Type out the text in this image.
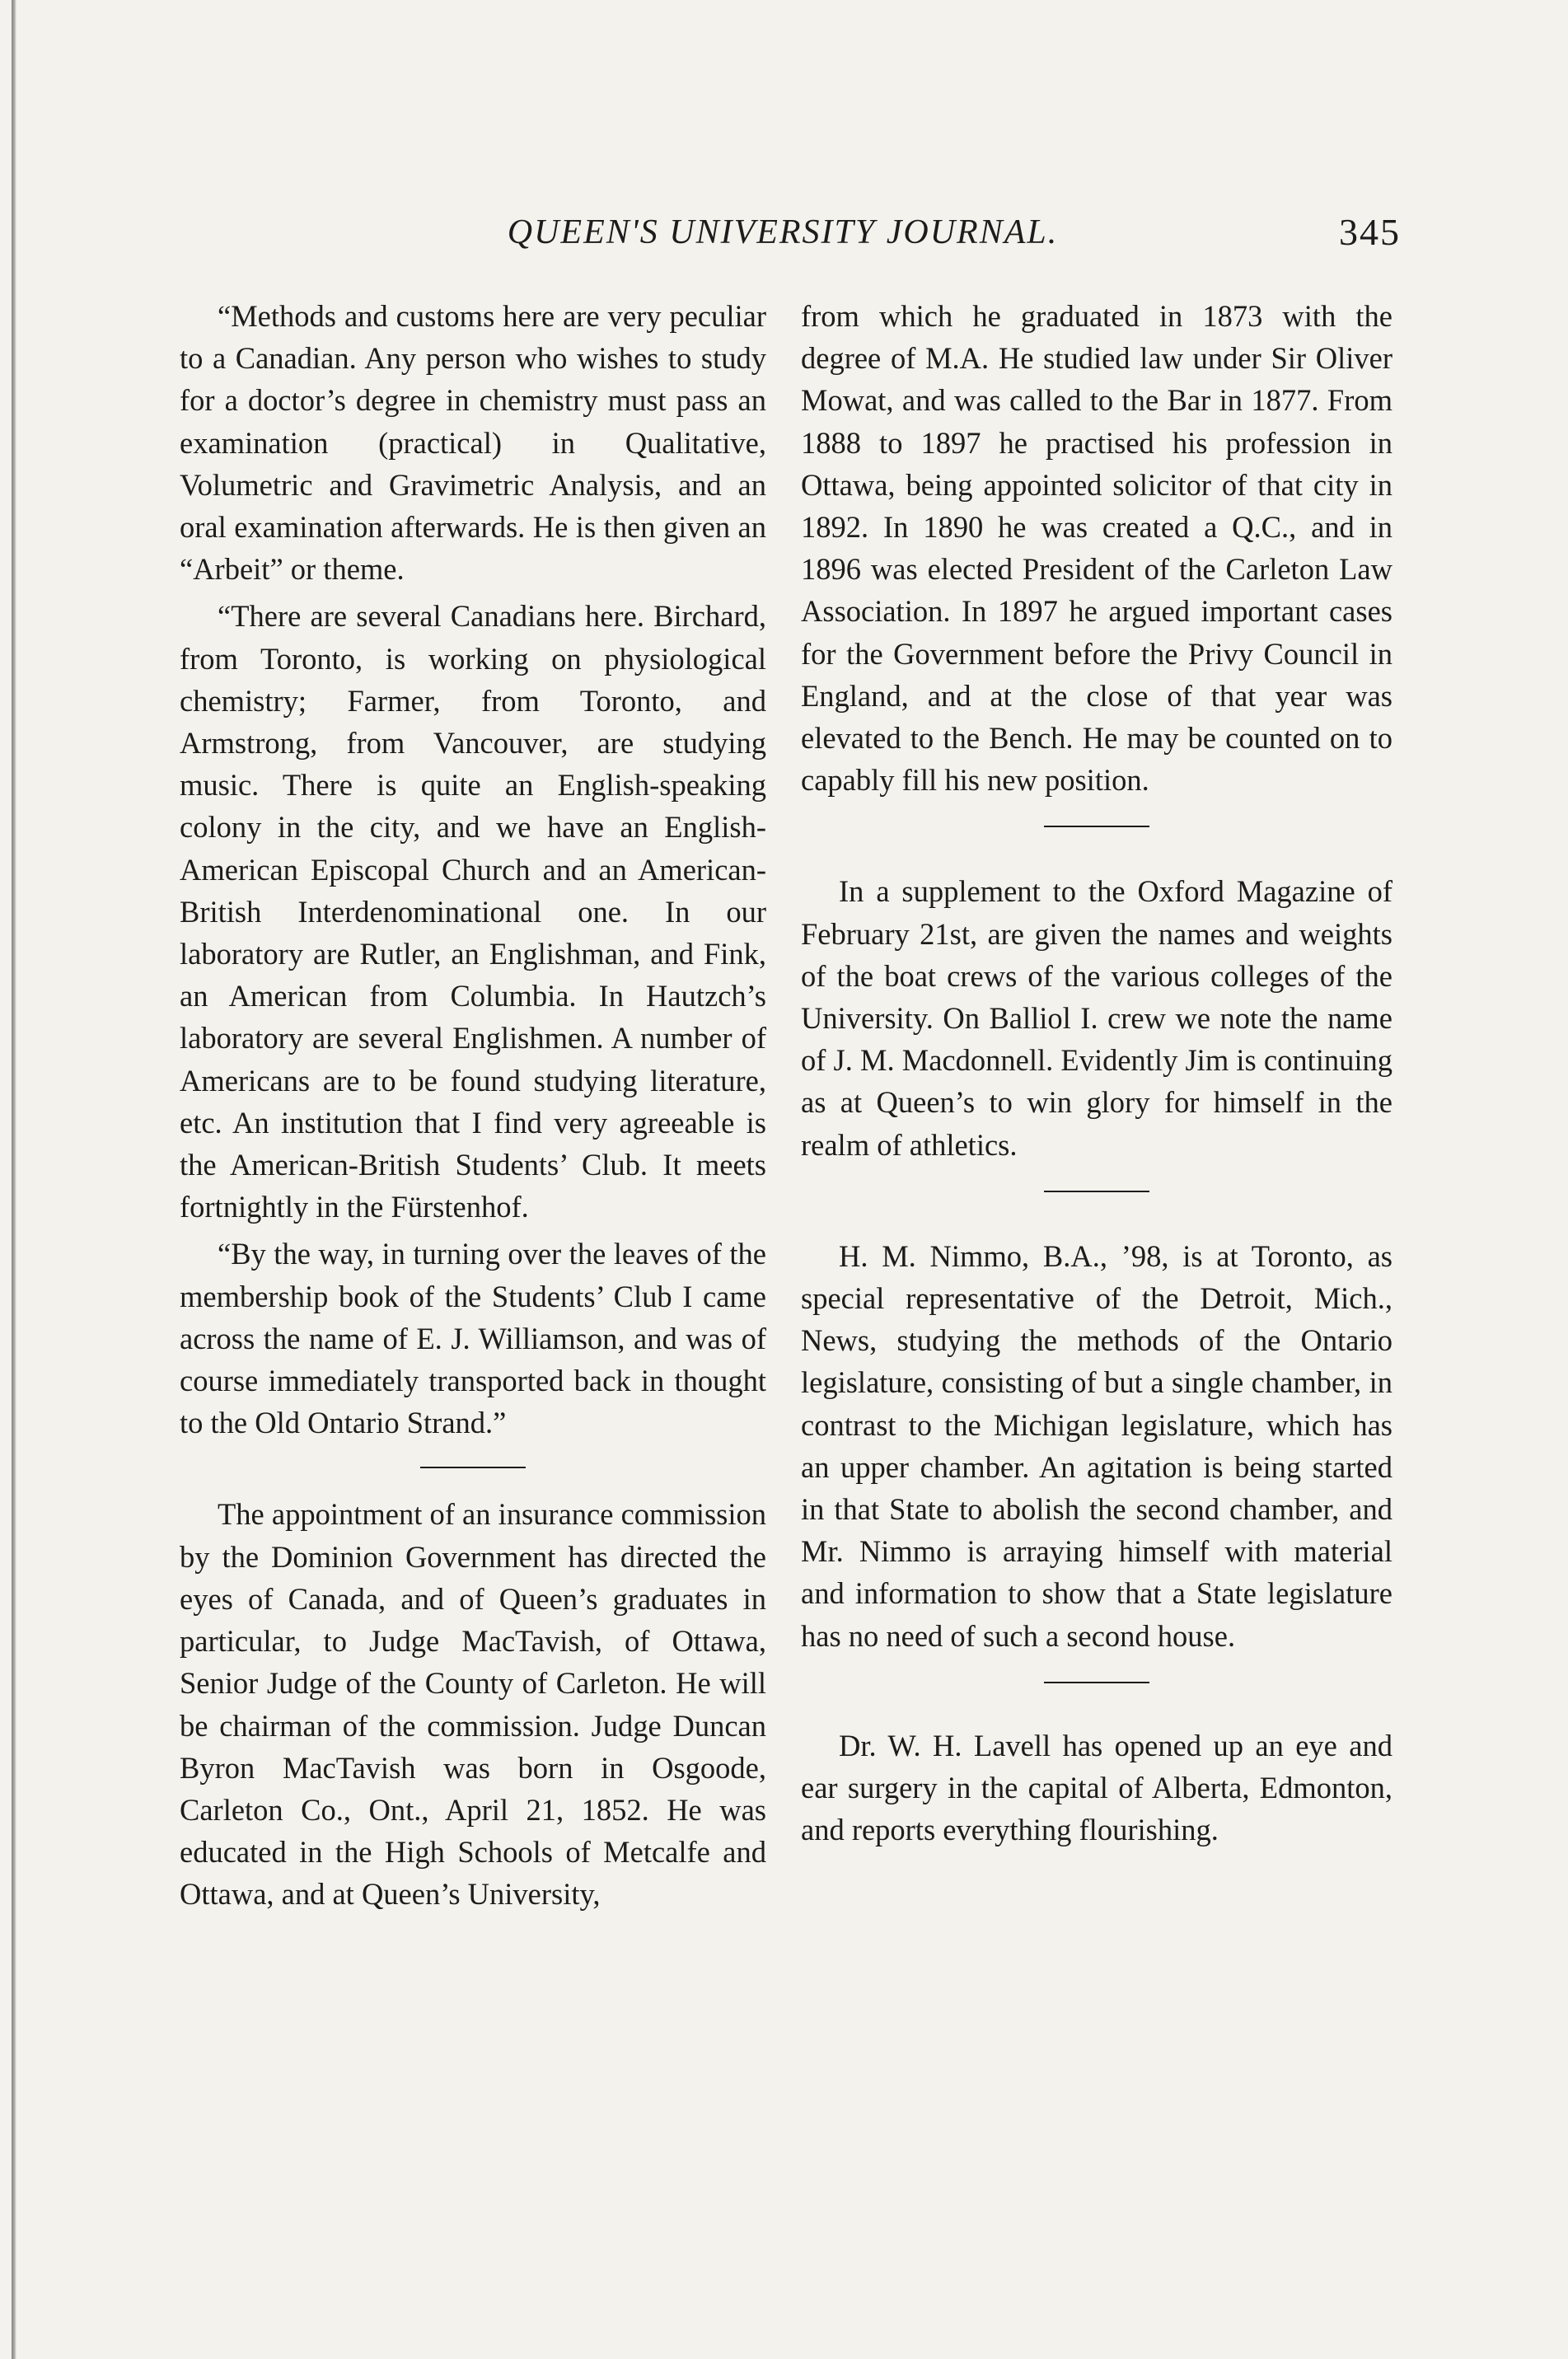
QUEEN'S UNIVERSITY JOURNAL.	345

“Methods and customs here are very peculiar to a Canadian. Any person who wishes to study for a doctor’s degree in chemistry must pass an examination (practical) in Qualitative, Volumetric and Gravimetric Analysis, and an oral examination afterwards. He is then given an “Arbeit” or theme.

“There are several Canadians here. Birchard, from Toronto, is working on physiological chemistry; Farmer, from Toronto, and Armstrong, from Vancouver, are studying music. There is quite an English-speaking colony in the city, and we have an English-American Episcopal Church and an American-British Interdenominational one. In our laboratory are Rutler, an Englishman, and Fink, an American from Columbia. In Hautzch’s laboratory are several Englishmen. A number of Americans are to be found studying literature, etc. An institution that I find very agreeable is the American-British Students’ Club. It meets fortnightly in the Fürstenhof.

“By the way, in turning over the leaves of the membership book of the Students’ Club I came across the name of E. J. Williamson, and was of course immediately transported back in thought to the Old Ontario Strand.”

The appointment of an insurance commission by the Dominion Government has directed the eyes of Canada, and of Queen’s graduates in particular, to Judge MacTavish, of Ottawa, Senior Judge of the County of Carleton. He will be chairman of the commission. Judge Duncan Byron MacTavish was born in Osgoode, Carleton Co., Ont., April 21, 1852. He was educated in the High Schools of Metcalfe and Ottawa, and at Queen’s University,

from which he graduated in 1873 with the degree of M.A. He studied law under Sir Oliver Mowat, and was called to the Bar in 1877. From 1888 to 1897 he practised his profession in Ottawa, being appointed solicitor of that city in 1892. In 1890 he was created a Q.C., and in 1896 was elected President of the Carleton Law Association. In 1897 he argued important cases for the Government before the Privy Council in England, and at the close of that year was elevated to the Bench. He may be counted on to capably fill his new position.

In a supplement to the Oxford Magazine of February 21st, are given the names and weights of the boat crews of the various colleges of the University. On Balliol I. crew we note the name of J. M. Macdonnell. Evidently Jim is continuing as at Queen’s to win glory for himself in the realm of athletics.

H. M. Nimmo, B.A., ’98, is at Toronto, as special representative of the Detroit, Mich., News, studying the methods of the Ontario legislature, consisting of but a single chamber, in contrast to the Michigan legislature, which has an upper chamber. An agitation is being started in that State to abolish the second chamber, and Mr. Nimmo is arraying himself with material and information to show that a State legislature has no need of such a second house.

Dr. W. H. Lavell has opened up an eye and ear surgery in the capital of Alberta, Edmonton, and reports everything flourishing.
